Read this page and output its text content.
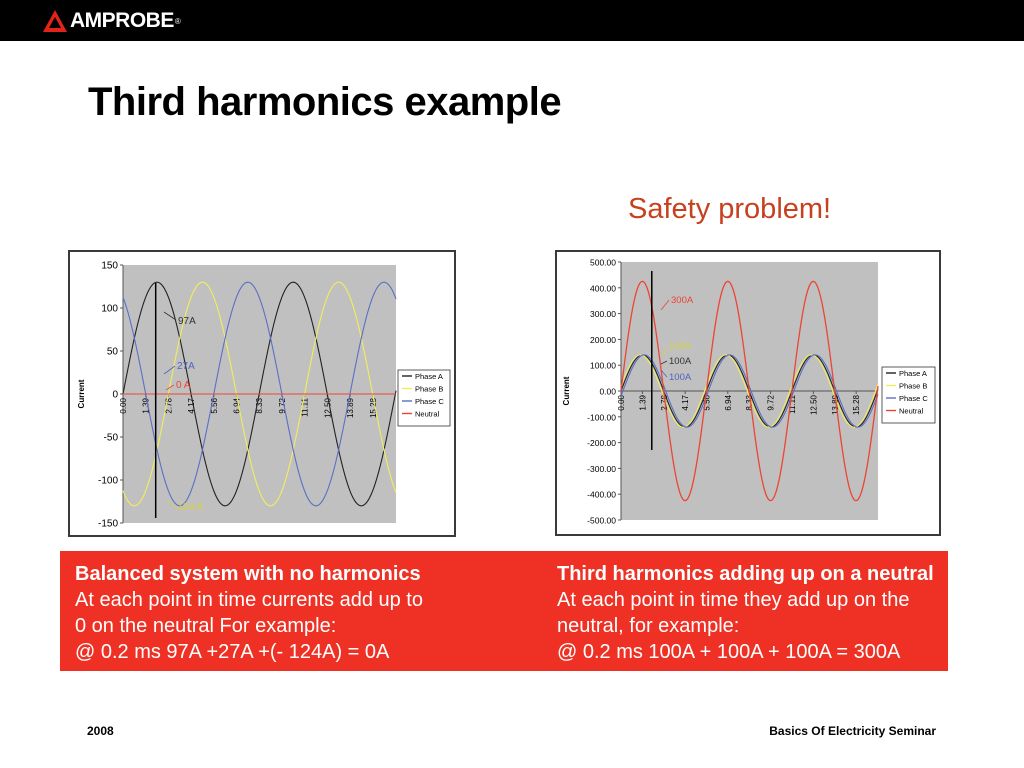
AMPROBE ®
Third harmonics example
Safety problem!
150
100
50
0
-50
-100
-150
0.00 1.39 2.78 4.17 5.56 6.94 8.33 9.72 11.11 12.50 13.89 15.28
Current
97A
27A
0 A
-124 A
Phase A
Phase B
Phase C
Neutral
500.00
400.00
300.00
200.00
100.00
0.00
-100.00
-200.00
-300.00
-400.00
-500.00
0.00 1.39 2.78 4.17 5.56 6.94 8.33 9.72 11.11 12.50 13.89 15.28
Current
300A
100A
100A
100A	Phase A
Phase B
Phase C
Neutral
Balanced system with no harmonics
At each point in time currents add up to
0 on the neutral For example:
@ 0.2 ms 97A +27A +(- 124A) = 0A
Third harmonics adding up on a neutral
At each point in time they add up on the
neutral, for example:
@ 0.2 ms 100A + 100A + 100A = 300A
2008	Basics Of Electricity Seminar
